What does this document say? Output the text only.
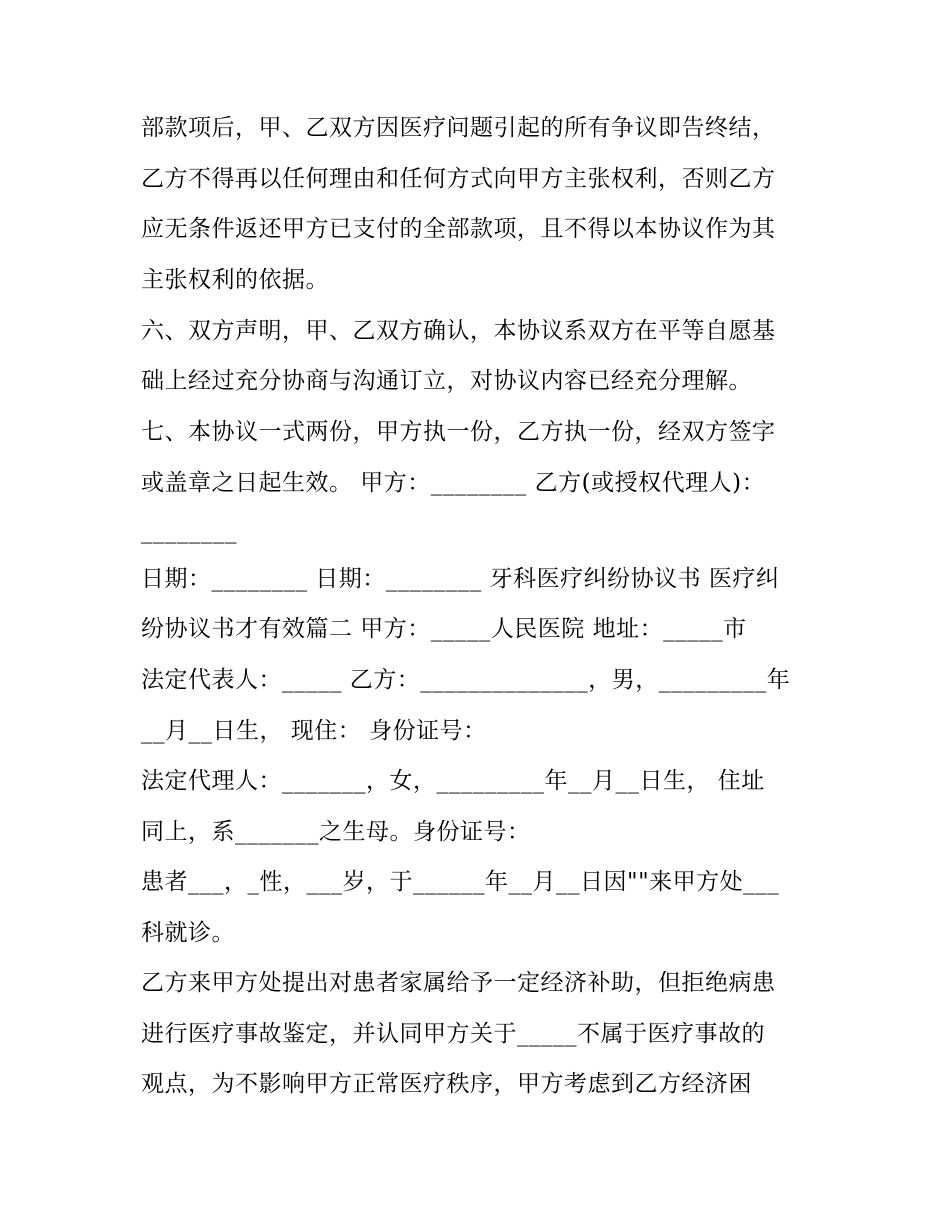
部款项后，甲、乙双方因医疗问题引起的所有争议即告终结，
乙方不得再以任何理由和任何方式向甲方主张权利，否则乙方
应无条件返还甲方已支付的全部款项，且不得以本协议作为其
主张权利的依据。
六、双方声明，甲、乙双方确认，本协议系双方在平等自愿基
础上经过充分协商与沟通订立，对协议内容已经充分理解。
七、本协议一式两份，甲方执一份，乙方执一份，经双方签字
或盖章之日起生效。 甲方：________ 乙方(或授权代理人)：
________
日期：________ 日期：________ 牙科医疗纠纷协议书 医疗纠
纷协议书才有效篇二 甲方：_____人民医院 地址：_____市
法定代表人：_____ 乙方：______________，男，_________年
__月__日生， 现住： 身份证号：
法定代理人：_______，女，_________年__月__日生， 住址
同上，系_______之生母。身份证号：
患者___，_性，___岁，于______年__月__日因""来甲方处___
科就诊。
乙方来甲方处提出对患者家属给予一定经济补助，但拒绝病患
进行医疗事故鉴定，并认同甲方关于_____不属于医疗事故的
观点，为不影响甲方正常医疗秩序，甲方考虑到乙方经济困
